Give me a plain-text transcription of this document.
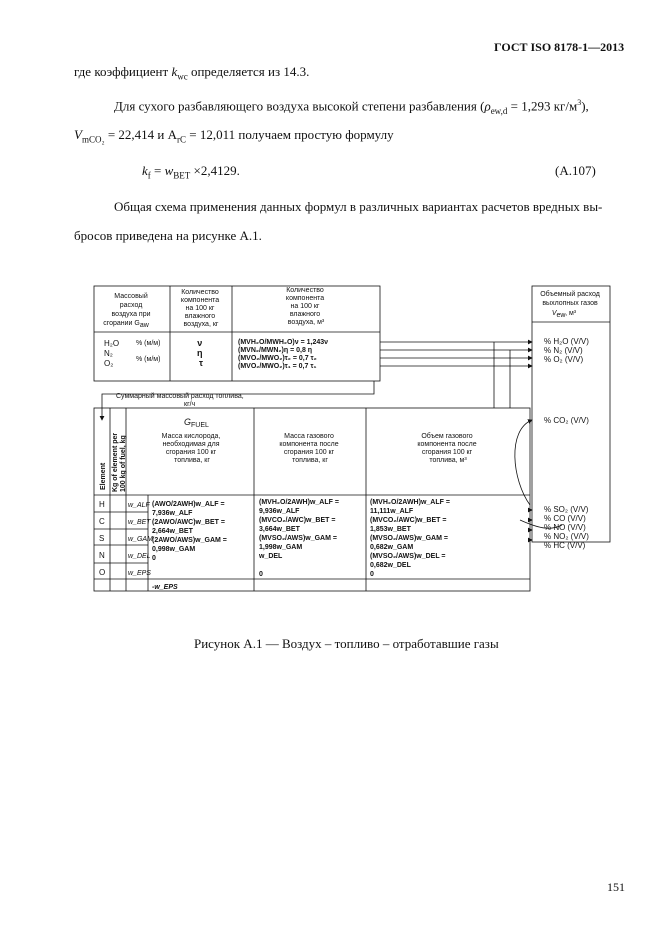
ГОСТ ISO 8178-1—2013
где коэффициент $k_{wc}$ определяется из 14.3.
Для сухого разбавляющего воздуха высокой степени разбавления ($\rho_{ew,d} = 1,293$ $кг/м^3$),
$V_{mCO_2} = 22,414$ и $A_{rC} = 12,011$ получаем простую формулу
$k_f = w_{BET} \times 2,4129$.	(A.107)
Общая схема применения данных формул в различных вариантах расчетов вредных вы-
бросов приведена на рисунке A.1.
Массовый расход воздуха при сгорании Gaw
Количество компонента на 100 кг влажного воздуха, кг
Количество компонента на 100 кг влажного воздуха, м³
H₂O N₂ O₂
% (м/м) % (м/м)
ν η τ
(MVH₂O/MWH₂O)ν = 1,243ν (MVN₂/MWN₂)η = 0,8 η (MVO₂/MWO₂)τ₂ = 0,7 τ₂ (MVO₂/MWO₂)τ₁ = 0,7 τ₁
Объемный расход выхлопных газов Vew, м³
% H₂O (V/V) % N₂ (V/V) % O₂ (V/V)
% CO₂ (V/V)
% SO₂ (V/V) % CO (V/V) % NO (V/V) % NO₂ (V/V) % HC (V/V)
Суммарный массовый расход топлива, кг/ч
$G_{FUEL}$
Element Kg of element per 100 kg of fuel, kg	Масса кислорода, необходимая для сгорания 100 кг топлива, кг
Масса газового компонента после сгорания 100 кг топлива, кг
Объем газового компонента после сгорания 100 кг топлива, м³
H C S N O
w_ALF w_BET w_GAM w_DEL w_EPS
(AWO/2AWH)w_ALF = 7,936w_ALF (2AWO/AWC)w_BET = 2,664w_BET (2AWO/AWS)w_GAM = 0,998w_GAM 0 -w_EPS
(MVH₂O/2AWH)w_ALF = 9,936w_ALF (MVCO₂/AWC)w_BET = 3,664w_BET (MVSO₂/AWS)w_GAM = 1,998w_GAM w_DEL 0
(MVH₂O/2AWH)w_ALF = 11,111w_ALF (MVCO₂/AWC)w_BET = 1,853w_BET (MVSO₂/AWS)w_GAM = 0,682w_GAM (MVSO₂/AWS)w_DEL = 0,682w_DEL 0
Рисунок A.1 — Воздух – топливо – отработавшие газы
151
